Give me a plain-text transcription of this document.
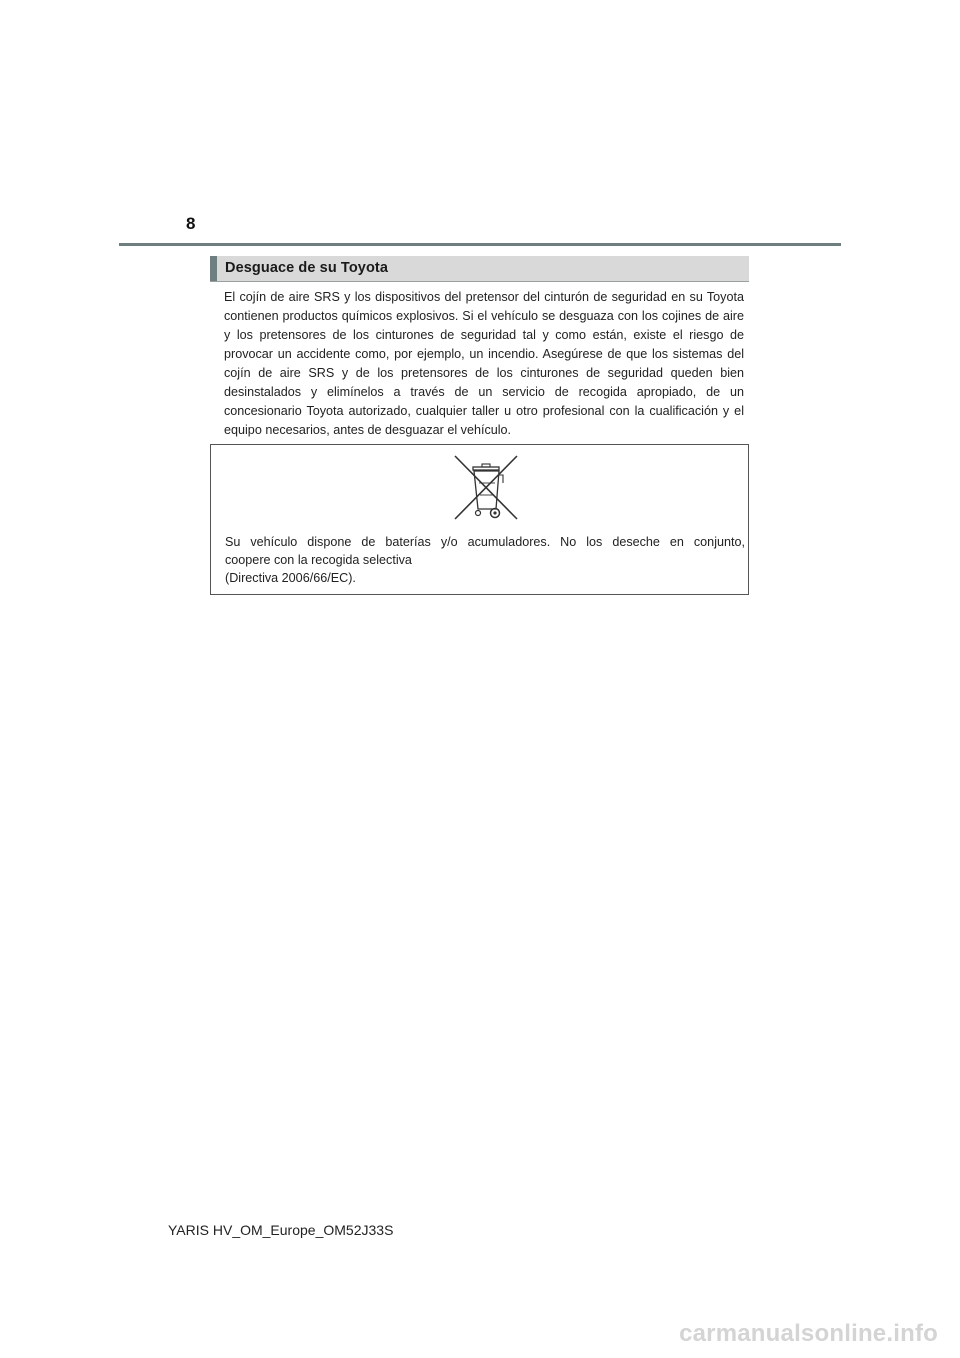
8
Desguace de su Toyota
El cojín de aire SRS y los dispositivos del pretensor del cinturón de seguridad en su Toyota contienen productos químicos explosivos. Si el vehículo se desguaza con los cojines de aire y los pretensores de los cinturones de seguridad tal y como están, existe el riesgo de provocar un accidente como, por ejemplo, un incendio. Asegúrese de que los sistemas del cojín de aire SRS y de los pretensores de los cinturones de seguridad queden bien desinstalados y elimínelos a través de un servicio de recogida apropiado, de un concesionario Toyota autorizado, cualquier taller u otro profesional con la cualificación y el equipo necesarios, antes de desguazar el vehículo.
Su vehículo dispone de baterías y/o acumuladores. No los deseche en conjunto,
coopere con la recogida selectiva
(Directiva 2006/66/EC).
YARIS HV_OM_Europe_OM52J33S
carmanualsonline.info
